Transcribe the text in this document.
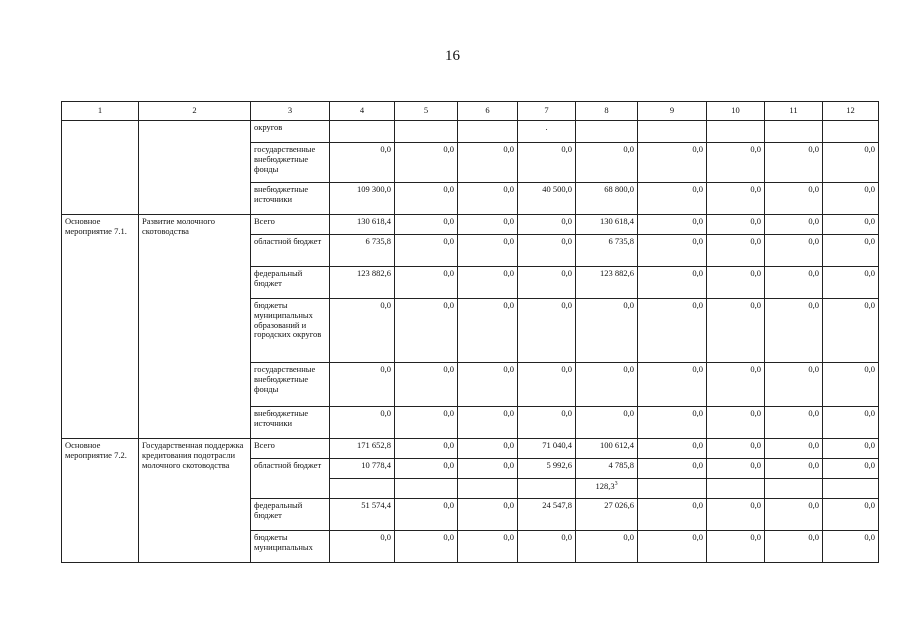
16
1	2	3	4	5	6	7	8	9	10	11	12
		округов				.					
		государственные внебюджетные фонды	0,0	0,0	0,0	0,0	0,0	0,0	0,0	0,0	0,0
		внебюджетные источники	109 300,0	0,0	0,0	40 500,0	68 800,0	0,0	0,0	0,0	0,0
Основное мероприятие 7.1.	Развитие молочного скотоводства	Всего	130 618,4	0,0	0,0	0,0	130 618,4	0,0	0,0	0,0	0,0
		областной бюджет	6 735,8	0,0	0,0	0,0	6 735,8	0,0	0,0	0,0	0,0
		федеральный бюджет	123 882,6	0,0	0,0	0,0	123 882,6	0,0	0,0	0,0	0,0
		бюджеты муниципальных образований и городских округов	0,0	0,0	0,0	0,0	0,0	0,0	0,0	0,0	0,0
		государственные внебюджетные фонды	0,0	0,0	0,0	0,0	0,0	0,0	0,0	0,0	0,0
		внебюджетные источники	0,0	0,0	0,0	0,0	0,0	0,0	0,0	0,0	0,0
Основное мероприятие 7.2.	Государственная поддержка кредитования подотрасли молочного скотоводства	Всего	171 652,8	0,0	0,0	71 040,4	100 612,4	0,0	0,0	0,0	0,0
		областной бюджет	10 778,4	0,0	0,0	5 992,6	4 785,8	0,0	0,0	0,0	0,0
							128,3$^3$				
		федеральный бюджет	51 574,4	0,0	0,0	24 547,8	27 026,6	0,0	0,0	0,0	0,0
		бюджеты муниципальных	0,0	0,0	0,0	0,0	0,0	0,0	0,0	0,0	0,0
